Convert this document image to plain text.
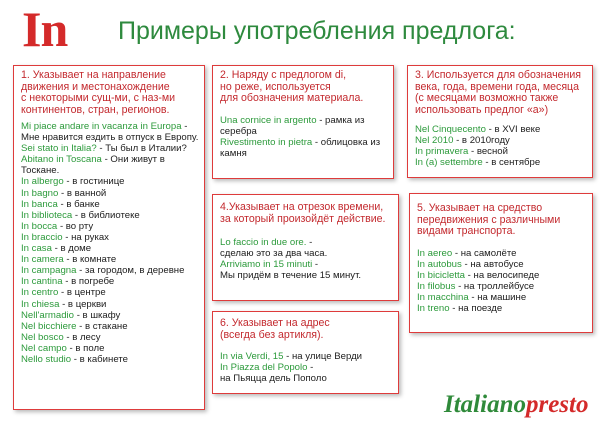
In Примеры употребления предлога:
1. Указывает на направление
движения и местонахождение
с некоторыми сущ-ми, с наз-ми
континентов, стран, регионов.
Mi piace andare in vacanza in Europa -
Мне нравится ездить в отпуск в Европу.
Sei stato in Italia? - Ты был в Италии?
Abitano in Toscana - Они живут в
Тоскане.
In albergo - в гостинице
In bagno - в ванной
In banca - в банке
In biblioteca - в библиотеке
In bocca - во рту
In braccio - на руках
In casa - в доме
In camera - в комнате
In campagna - за городом, в деревне
In cantina - в погребе
In centro - в центре
In chiesa - в церкви
Nell'armadio - в шкафу
Nel bicchiere - в стакане
Nel bosco - в лесу
Nel campo - в поле
Nello studio - в кабинете
2. Наряду с предлогом di,
но реже, используется
для обозначения материала.
Una cornice in argento - рамка из
серебра
Rivestimento in pietra - облицовка из
камня
3. Используется для обозначения
века, года, времени года, месяца
(с месяцами возможно также
использовать предлог «а»)
Nel Cinquecento - в XVI веке
Nel 2010 - в 2010году
In primavera - весной
In (a) settembre - в сентябре
4.Указывает на отрезок времени,
за который произойдёт действие.
Lo faccio in due ore. -
сделаю это за два часа.
Arriviamo in 15 minuti -
Мы придём в течение 15 минут.
5. Указывает на средство
передвижения с различными
видами транспорта.
In aereo - на самолёте
In autobus - на автобусе
In bicicletta - на велосипеде
In filobus - на троллейбусе
In macchina - на машине
In treno - на поезде
6. Указывает на адрес
(всегда без артикля).
In via Verdi, 15 - на улице Верди
In Piazza del Popolo -
на Пьяцца дель Пополо
Italianopresto
